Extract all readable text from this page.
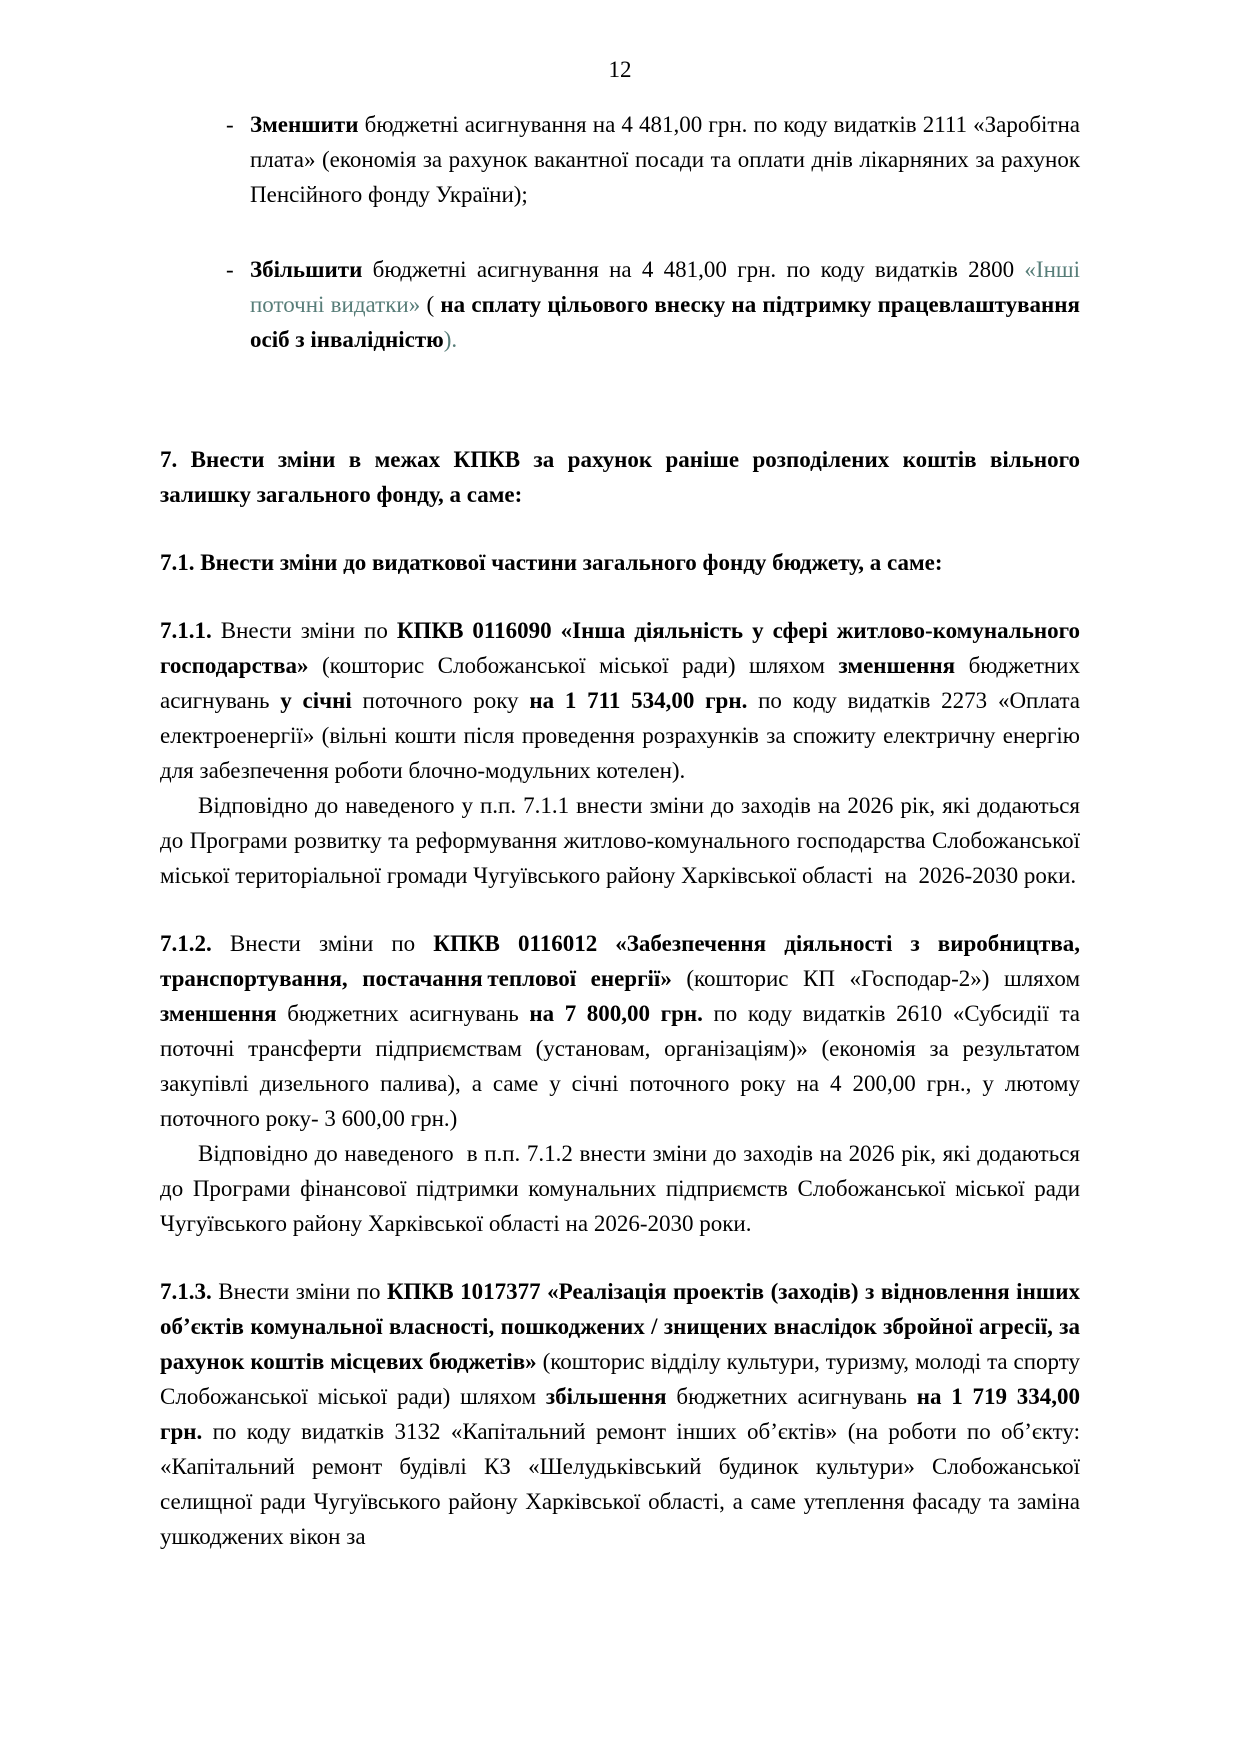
12
- Зменшити бюджетні асигнування на 4 481,00 грн. по коду видатків 2111 «Заробітна плата» (економія за рахунок вакантної посади та оплати днів лікарняних за рахунок Пенсійного фонду України);
- Збільшити бюджетні асигнування на 4 481,00 грн. по коду видатків 2800 «Інші поточні видатки» ( на сплату цільового внеску на підтримку працевлаштування осіб з інвалідністю).

7. Внести зміни в межах КПКВ за рахунок раніше розподілених коштів вільного залишку загального фонду, а саме:

7.1. Внести зміни до видаткової частини загального фонду бюджету, а саме:

7.1.1. Внести зміни по КПКВ 0116090 «Інша діяльність у сфері житлово-комунального господарства» (кошторис Слобожанської міської ради) шляхом зменшення бюджетних асигнувань у січні поточного року на 1 711 534,00 грн. по коду видатків 2273 «Оплата електроенергії» (вільні кошти після проведення розрахунків за спожиту електричну енергію для забезпечення роботи блочно-модульних котелен).

Відповідно до наведеного у п.п. 7.1.1 внести зміни до заходів на 2026 рік, які додаються до Програми розвитку та реформування житлово-комунального господарства Слобожанської міської територіальної громади Чугуївського району Харківської області  на  2026-2030 роки.

7.1.2. Внести зміни по КПКВ 0116012 «Забезпечення діяльності з виробництва, транспортування, постачання теплової енергії» (кошторис КП «Господар-2») шляхом зменшення бюджетних асигнувань на 7 800,00 грн. по коду видатків 2610 «Субсидії та поточні трансферти підприємствам (установам, організаціям)» (економія за результатом закупівлі дизельного палива), а саме у січні поточного року на 4 200,00 грн., у лютому поточного року- 3 600,00 грн.)

Відповідно до наведеного  в п.п. 7.1.2 внести зміни до заходів на 2026 рік, які додаються до Програми фінансової підтримки комунальних підприємств Слобожанської міської ради Чугуївського району Харківської області на 2026-2030 роки.

7.1.3. Внести зміни по КПКВ 1017377 «Реалізація проектів (заходів) з відновлення інших об’єктів комунальної власності, пошкоджених / знищених внаслідок збройної агресії, за рахунок коштів місцевих бюджетів» (кошторис відділу культури, туризму, молоді та спорту Слобожанської міської ради) шляхом збільшення бюджетних асигнувань на 1 719 334,00 грн. по коду видатків 3132 «Капітальний ремонт інших об’єктів» (на роботи по об’єкту: «Капітальний ремонт будівлі КЗ «Шелудьківський будинок культури» Слобожанської селищної ради Чугуївського району Харківської області, а саме утеплення фасаду та заміна ушкоджених вікон за
